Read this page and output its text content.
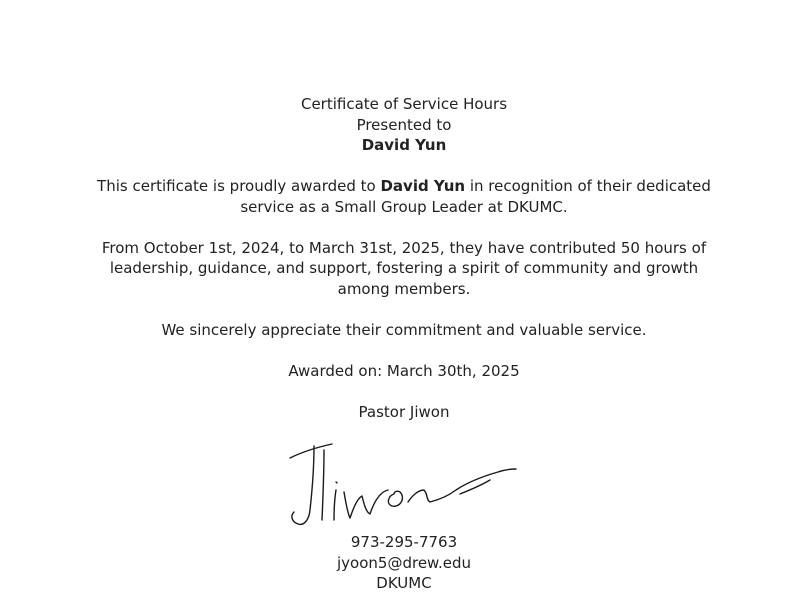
Certificate of Service Hours
Presented to
David Yun
This certificate is proudly awarded to David Yun in recognition of their dedicated service as a Small Group Leader at DKUMC.
From October 1st, 2024, to March 31st, 2025, they have contributed 50 hours of leadership, guidance, and support, fostering a spirit of community and growth among members.
We sincerely appreciate their commitment and valuable service.
Awarded on: March 30th, 2025
Pastor Jiwon
973-295-7763
jyoon5@drew.edu
DKUMC
